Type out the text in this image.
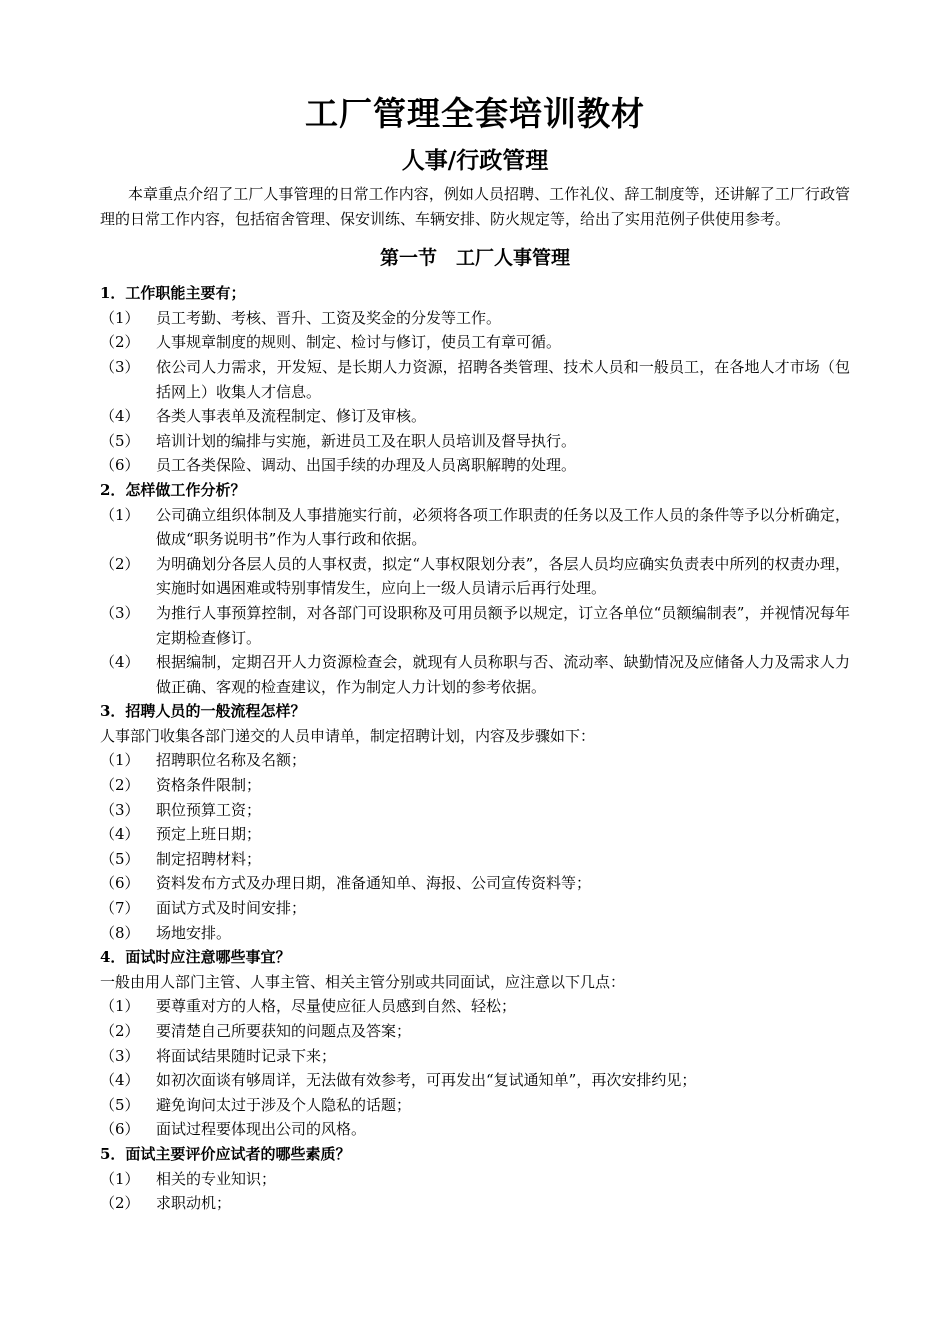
工厂管理全套培训教材
人事/行政管理

本章重点介绍了工厂人事管理的日常工作内容，例如人员招聘、工作礼仪、辞工制度等，还讲解了工厂行政管理的日常工作内容，包括宿舍管理、保安训练、车辆安排、防火规定等，给出了实用范例子供使用参考。

第一节　工厂人事管理

1．工作职能主要有；

（1）	员工考勤、考核、晋升、工资及奖金的分发等工作。
（2）	人事规章制度的规则、制定、检讨与修订，使员工有章可循。
（3）	依公司人力需求，开发短、是长期人力资源，招聘各类管理、技术人员和一般员工，在各地人才市场（包括网上）收集人才信息。
（4）	各类人事表单及流程制定、修订及审核。
（5）	培训计划的编排与实施，新进员工及在职人员培训及督导执行。
（6）	员工各类保险、调动、出国手续的办理及人员离职解聘的处理。

2．怎样做工作分析？

（1）	公司确立组织体制及人事措施实行前，必须将各项工作职责的任务以及工作人员的条件等予以分析确定，做成“职务说明书”作为人事行政和依据。
（2）	为明确划分各层人员的人事权责，拟定“人事权限划分表”，各层人员均应确实负责表中所列的权责办理，实施时如遇困难或特别事情发生，应向上一级人员请示后再行处理。
（3）	为推行人事预算控制，对各部门可设职称及可用员额予以规定，订立各单位“员额编制表”，并视情况每年定期检查修订。
（4）	根据编制，定期召开人力资源检查会，就现有人员称职与否、流动率、缺勤情况及应储备人力及需求人力做正确、客观的检查建议，作为制定人力计划的参考依据。

3．招聘人员的一般流程怎样？

人事部门收集各部门递交的人员申请单，制定招聘计划，内容及步骤如下：

（1）	招聘职位名称及名额；
（2）	资格条件限制；
（3）	职位预算工资；
（4）	预定上班日期；
（5）	制定招聘材料；
（6）	资料发布方式及办理日期，准备通知单、海报、公司宣传资料等；
（7）	面试方式及时间安排；
（8）	场地安排。

4．面试时应注意哪些事宜？

一般由用人部门主管、人事主管、相关主管分别或共同面试，应注意以下几点：

（1）	要尊重对方的人格，尽量使应征人员感到自然、轻松；
（2）	要清楚自己所要获知的问题点及答案；
（3）	将面试结果随时记录下来；
（4）	如初次面谈有够周详，无法做有效参考，可再发出“复试通知单”，再次安排约见；
（5）	避免询问太过于涉及个人隐私的话题；
（6）	面试过程要体现出公司的风格。

5．面试主要评价应试者的哪些素质？

（1）	相关的专业知识；
（2）	求职动机；
